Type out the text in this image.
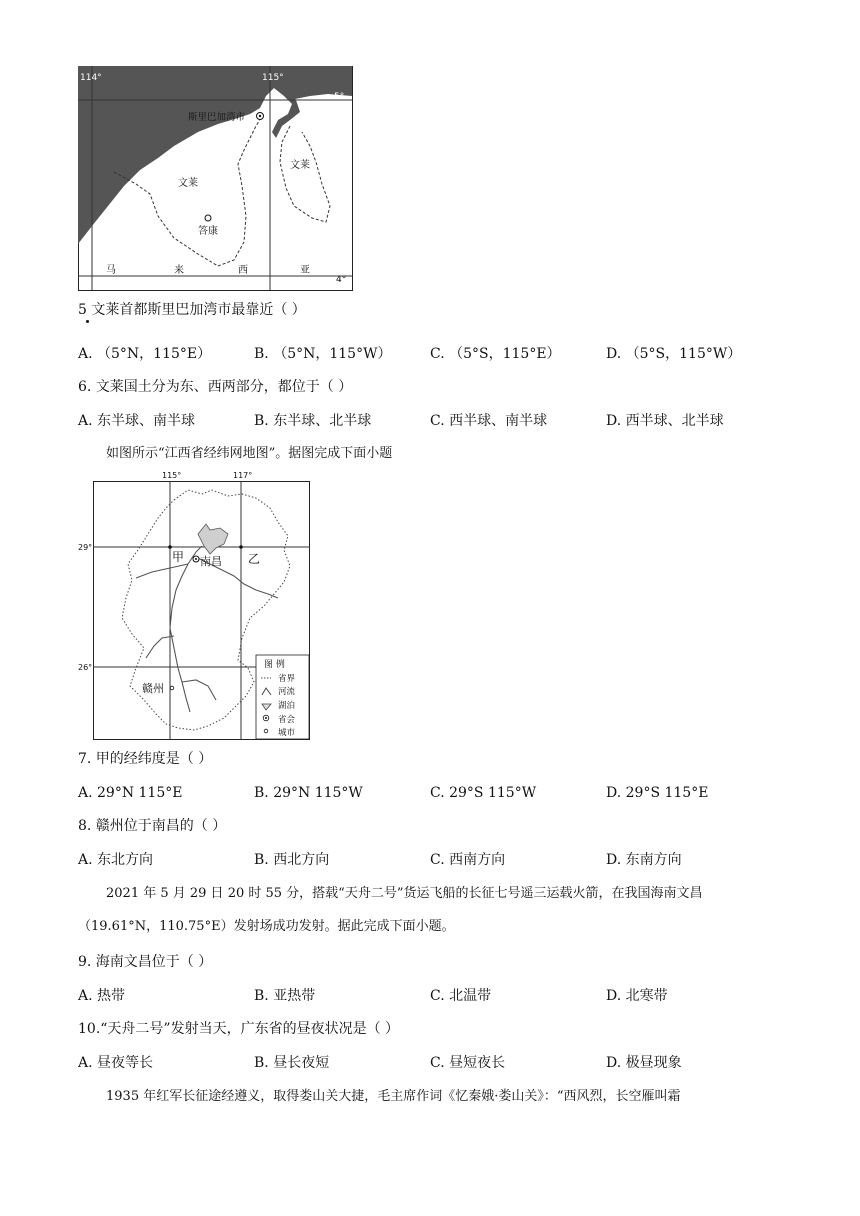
114°	115°
5°
4°
斯里巴加湾市
文莱
文莱
答康
马	来	西	亚
5 文莱首都斯里巴加湾市最靠近（ ）
A. （5°N，115°E）	B. （5°N，115°W）	C. （5°S，115°E）	D. （5°S，115°W）
6. 文莱国土分为东、西两部分，都位于（ ）
A. 东半球、南半球	B. 东半球、北半球	C. 西半球、南半球	D. 西半球、北半球
如图所示“江西省经纬网地图”。据图完成下面小题
115°	117°
29°
26°
甲	乙
南昌
赣州
图 例
省界
河流
湖泊
省会
城市
7. 甲的经纬度是（ ）
A. 29°N 115°E	B. 29°N 115°W	C. 29°S 115°W	D. 29°S 115°E
8. 赣州位于南昌的（ ）
A. 东北方向	B. 西北方向	C. 西南方向	D. 东南方向
2021 年 5 月 29 日 20 时 55 分，搭载“天舟二号”货运飞船的长征七号遥三运载火箭，在我国海南文昌
（19.61°N，110.75°E）发射场成功发射。据此完成下面小题。
9. 海南文昌位于（ ）
A. 热带	B. 亚热带	C. 北温带	D. 北寒带
10.“天舟二号”发射当天，广东省的昼夜状况是（ ）
A. 昼夜等长	B. 昼长夜短	C. 昼短夜长	D. 极昼现象
1935 年红军长征途经遵义，取得娄山关大捷，毛主席作词《忆秦娥·娄山关》：“西风烈，长空雁叫霜
